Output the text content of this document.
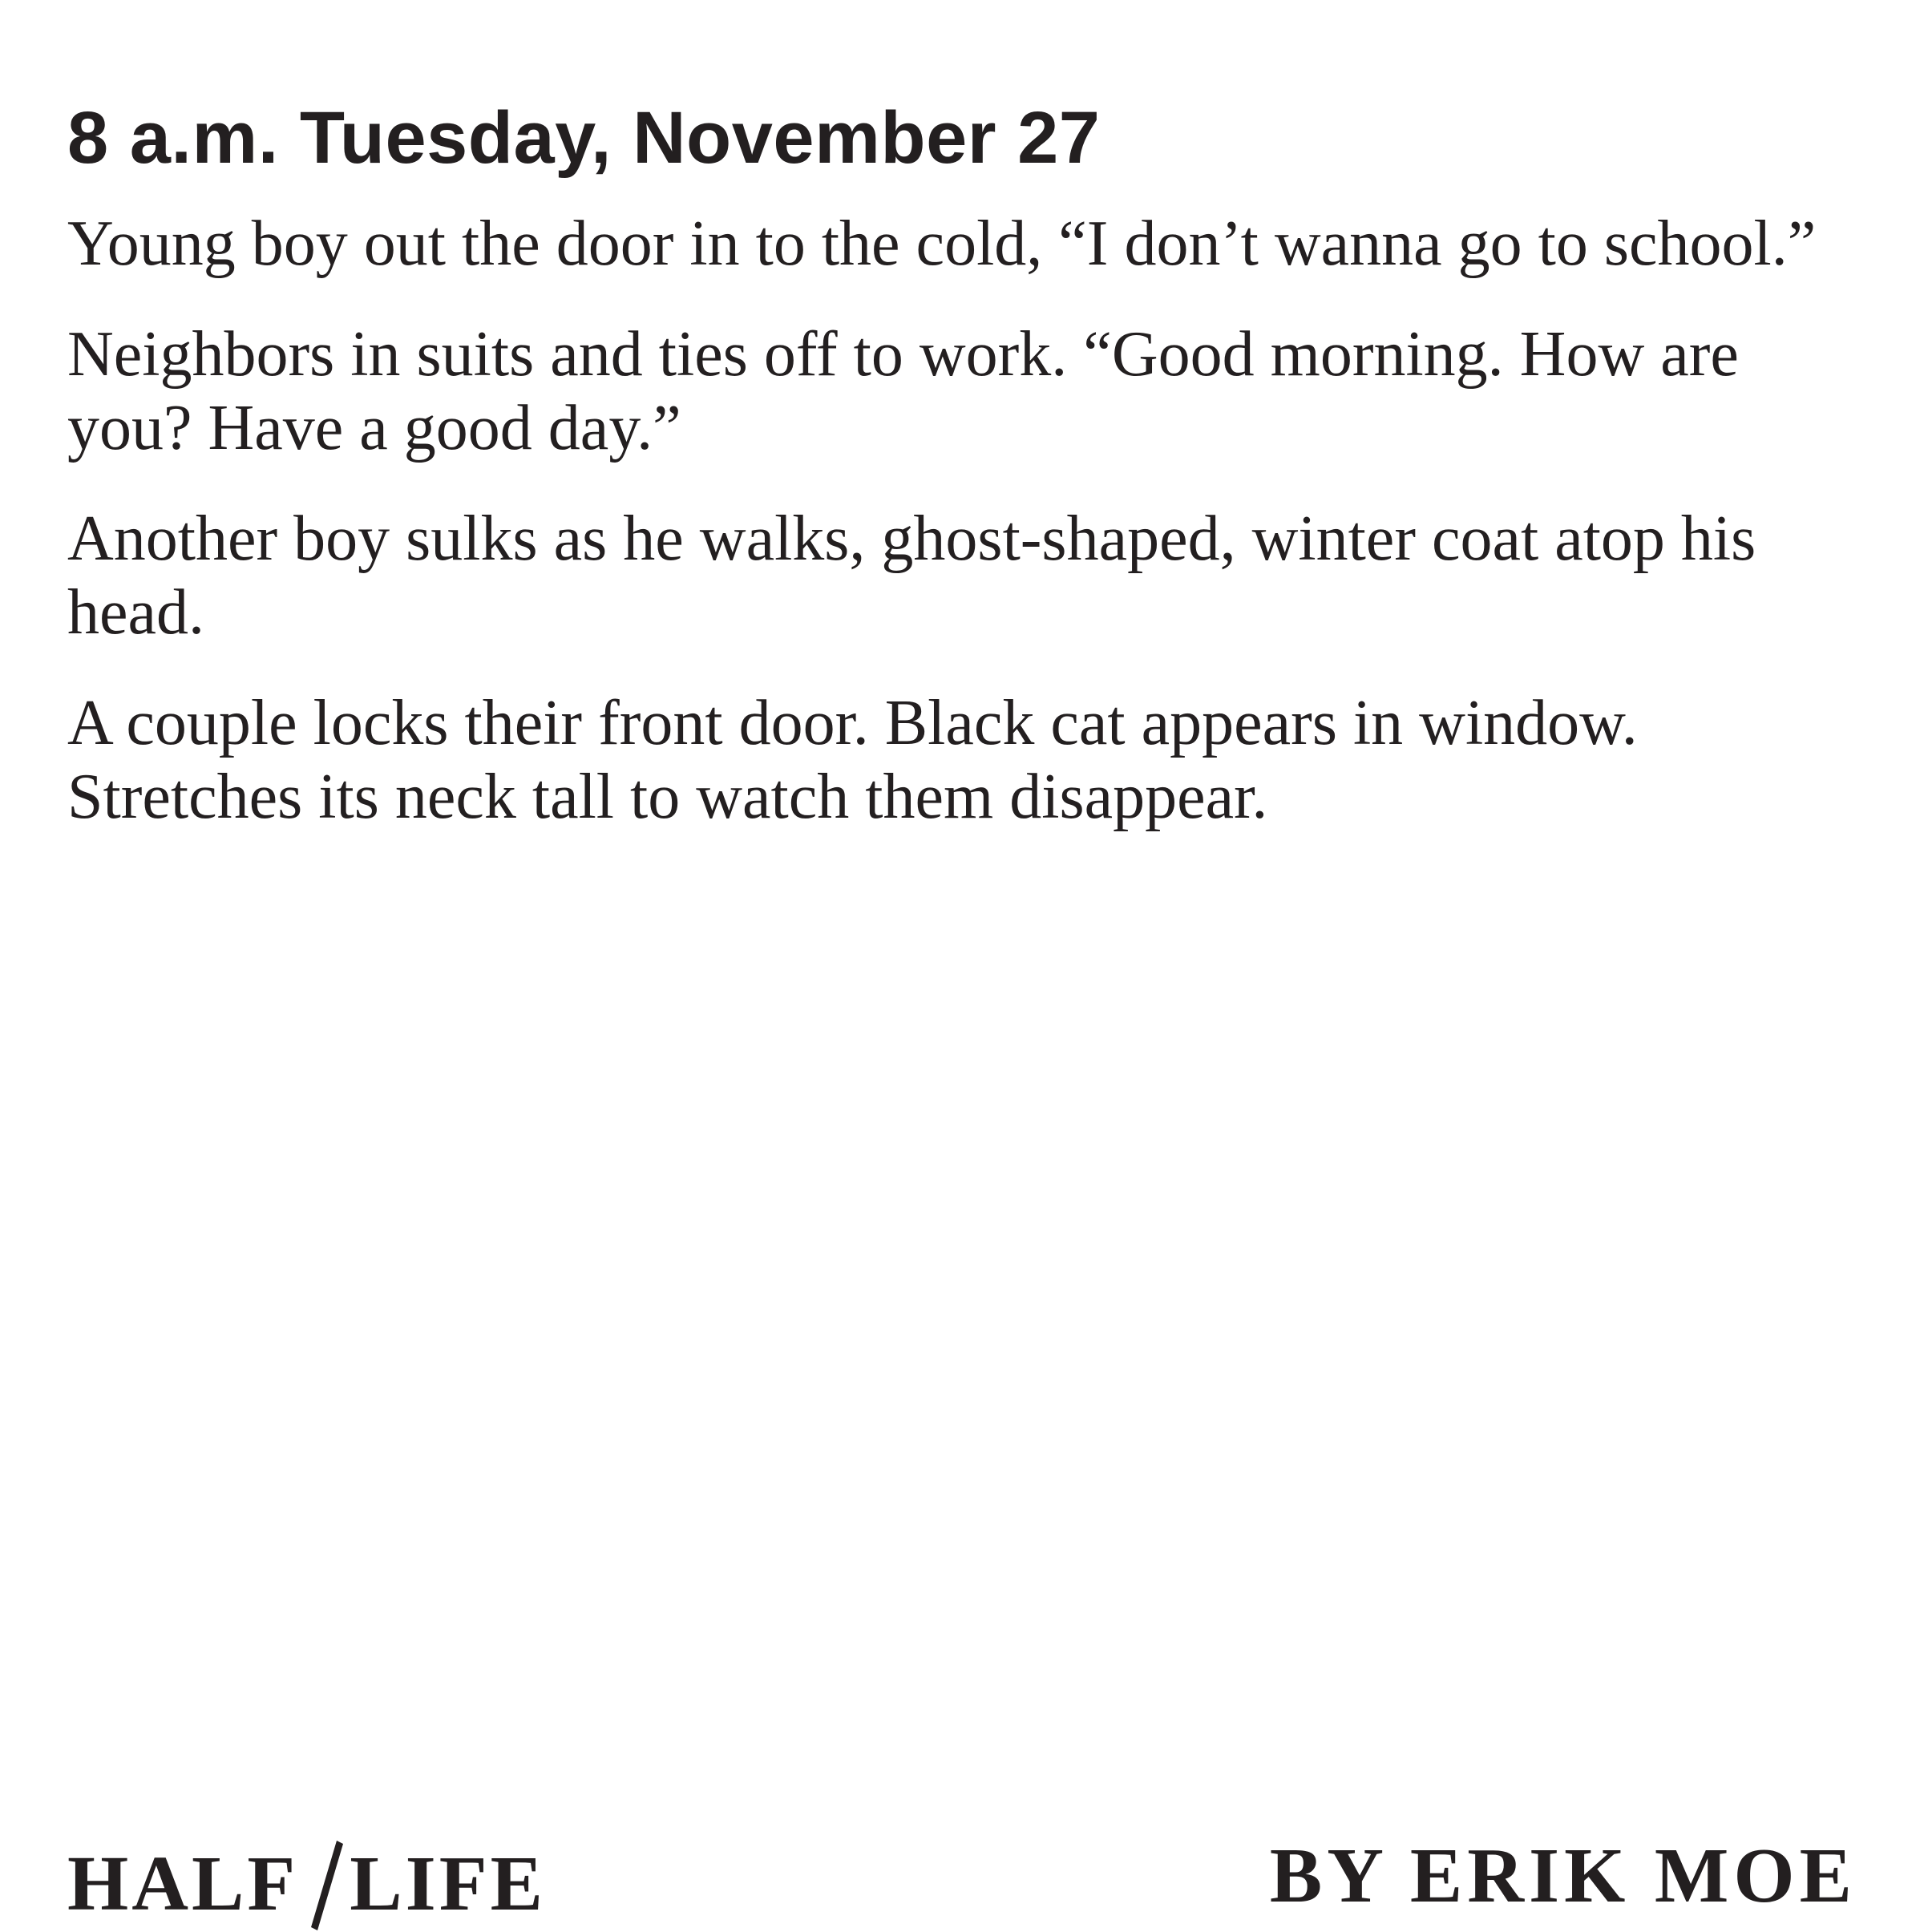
8 a.m. Tuesday, November 27

Young boy out the door in to the cold, “I don’t wanna go to school.”

Neighbors in suits and ties off to work. “Good morning. How are you? Have a good day.”

Another boy sulks as he walks, ghost-shaped, winter coat atop his head.

A couple locks their front door. Black cat appears in window. Stretches its neck tall to watch them disappear.

HALF LIFE	BY ERIK MOE
